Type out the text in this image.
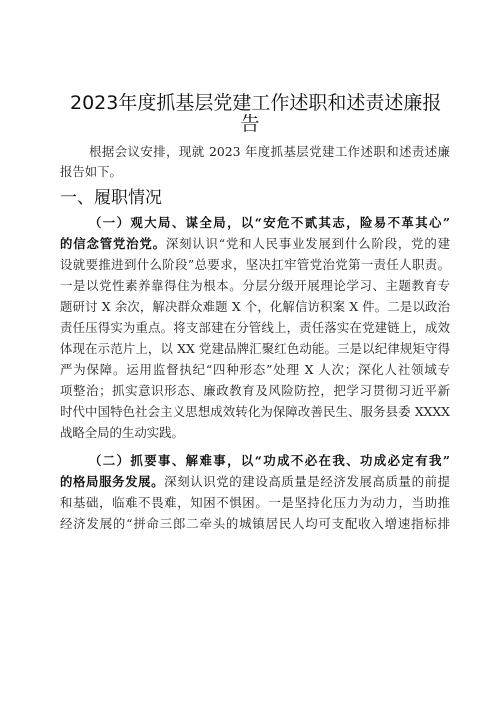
2023年度抓基层党建工作述职和述责述廉报
告
根据会议安排，现就 2023 年度抓基层党建工作述职和述责述廉
报告如下。
一、履职情况
（一）观大局、谋全局，以“安危不贰其志，险易不革其心”
的信念管党治党。深刻认识“党和人民事业发展到什么阶段，党的建
设就要推进到什么阶段”总要求，坚决扛牢管党治党第一责任人职责。
一是以党性素养靠得住为根本。分层分级开展理论学习、主题教育专
题研讨 X 余次，解决群众难题 X 个，化解信访积案 X 件。二是以政治
责任压得实为重点。将支部建在分管线上，责任落实在党建链上，成效
体现在示范片上，以 XX 党建品牌汇聚红色动能。三是以纪律规矩守得
严为保障。运用监督执纪“四种形态”处理 X 人次；深化人社领域专
项整治；抓实意识形态、廉政教育及风险防控，把学习贯彻习近平新
时代中国特色社会主义思想成效转化为保障改善民生、服务县委 XXXX
战略全局的生动实践。
（二）抓要事、解难事，以“功成不必在我、功成必定有我”
的格局服务发展。深刻认识党的建设高质量是经济发展高质量的前提
和基础，临难不畏难，知困不惧困。一是坚持化压力为动力，当助推
经济发展的“拼命三郎二牵头的城镇居民人均可支配收入增速指标排
